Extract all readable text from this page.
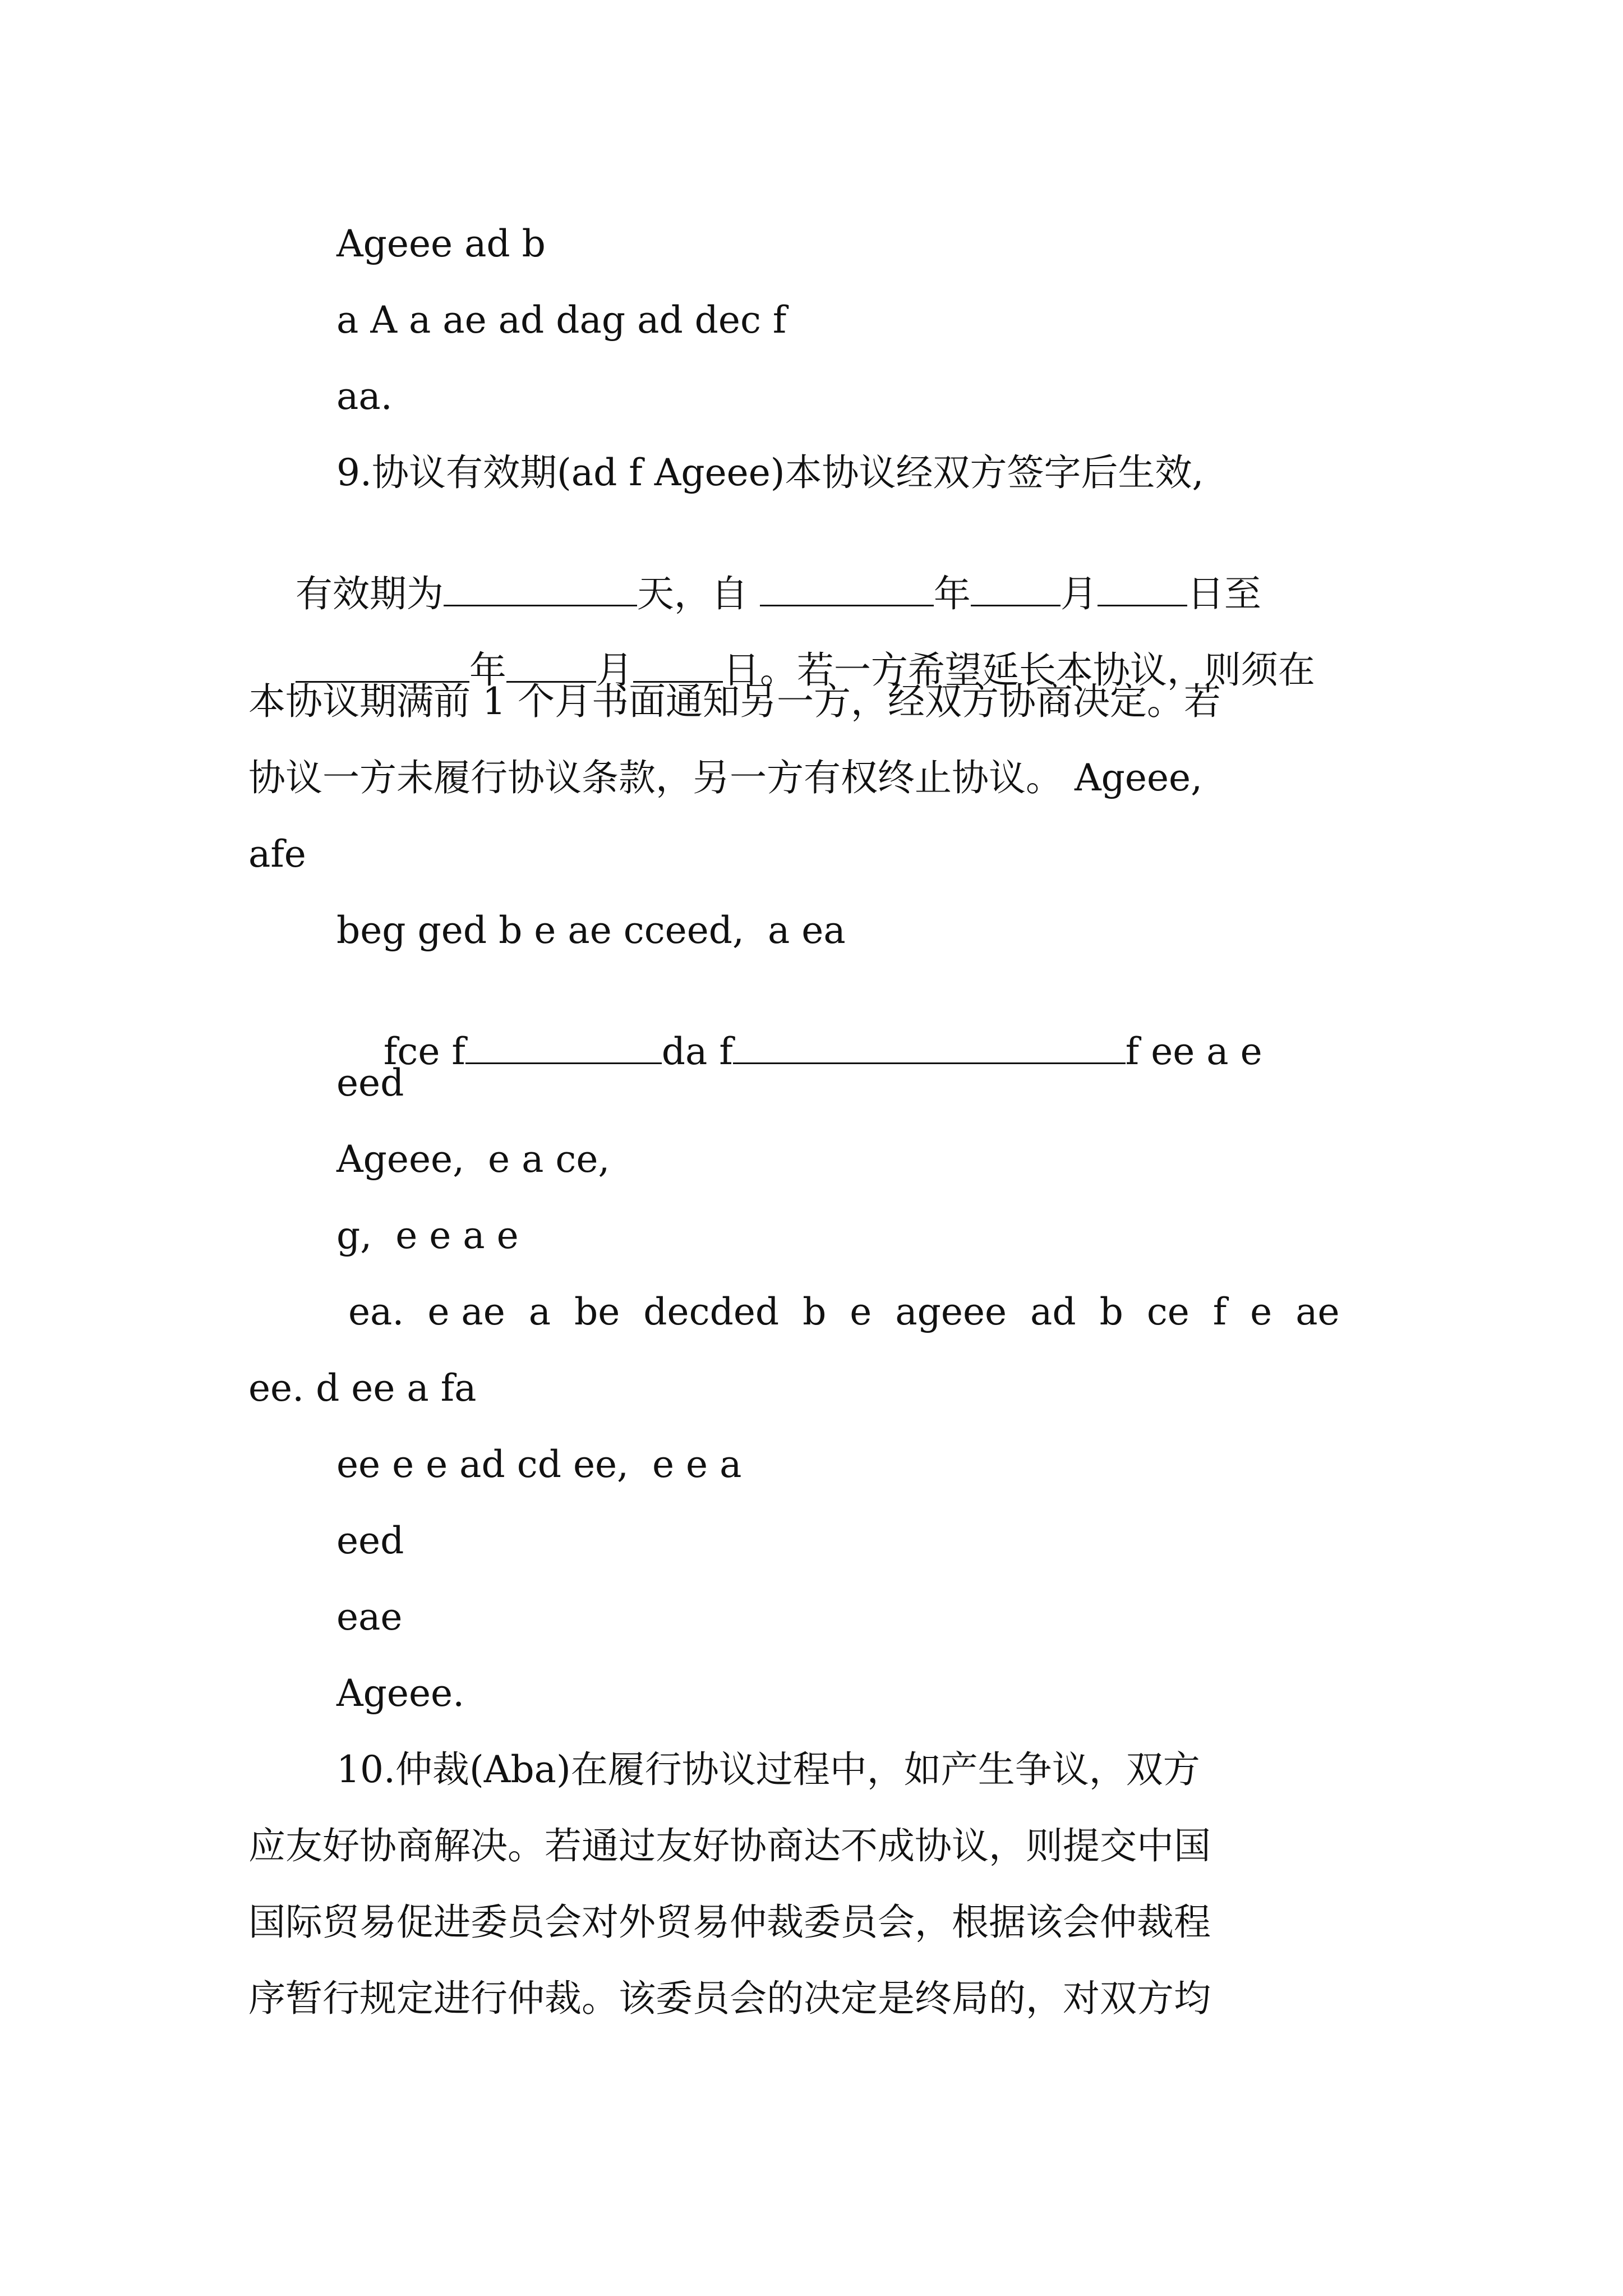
Ageee ad b
a A a ae ad dag ad dec f
aa.
9.协议有效期(ad f Ageee)本协议经双方签字后生效,

有效期为	天，自	年 月 日至

年 月 日。若一方希望延长本协议，则须在

本协议期满前 1 个月书面通知另一方，经双方协商决定。若
协议一方未履行协议条款，另一方有权终止协议。 Ageee,
afe
beg ged b e ae cceed,  a ea

fce f	da f	f ee a e

eed
Ageee,  e a ce,
g,  e e a e
ea.  e ae  a  be  decded  b  e  ageee  ad  b  ce  f  e  ae
ee. d ee a fa
ee e e ad cd ee,  e e a
eed
eae
Ageee.
10.仲裁(Aba)在履行协议过程中，如产生争议，双方
应友好协商解决。若通过友好协商达不成协议，则提交中国
国际贸易促进委员会对外贸易仲裁委员会，根据该会仲裁程
序暂行规定进行仲裁。该委员会的决定是终局的，对双方均
